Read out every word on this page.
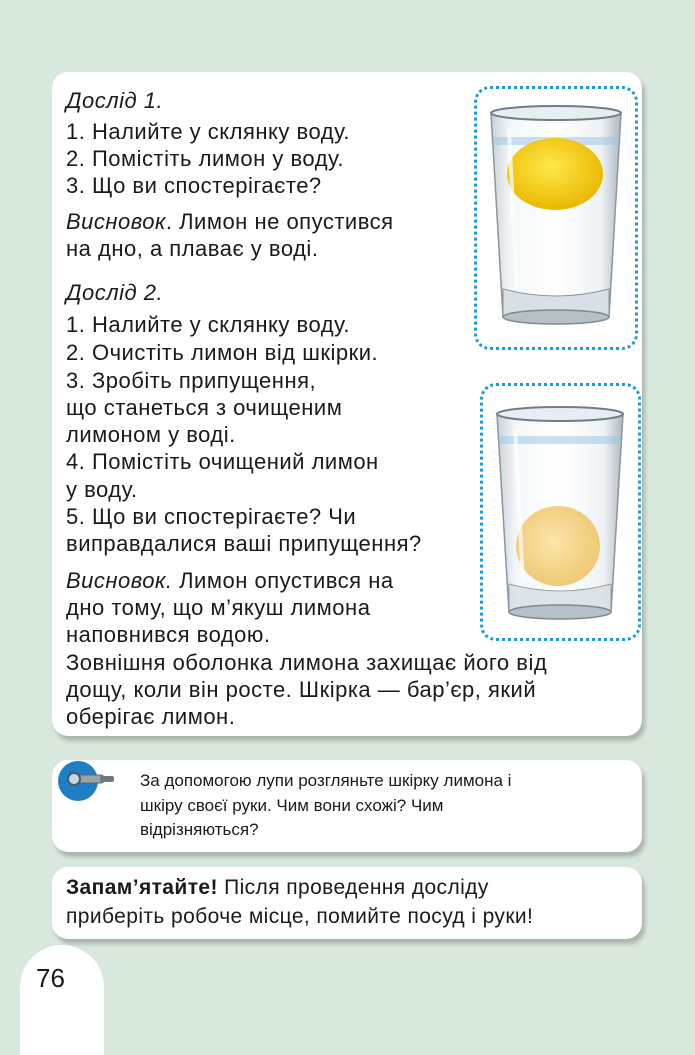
Дослід 1.
1. Налийте у склянку воду.
2. Помістіть лимон у воду.
3. Що ви спостерігаєте?
Висновок. Лимон не опустився
на дно, а плаває у воді.
Дослід 2.
1. Налийте у склянку воду.
2. Очистіть лимон від шкірки.
3. Зробіть припущення,
що станеться з очищеним
лимоном у воді.
4. Помістіть очищений лимон
у воду.
5. Що ви спостерігаєте? Чи
виправдалися ваші припущення?
Висновок. Лимон опустився на
дно тому, що м’якуш лимона
наповнився водою.
Зовнішня оболонка лимона захищає його від
дощу, коли він росте. Шкірка — бар’єр, який
оберігає лимон.
За допомогою лупи розгляньте шкірку лимона і
шкіру своєї руки. Чим вони схожі? Чим
відрізняються?
Запам’ятайте! Після проведення досліду
приберіть робоче місце, помийте посуд і руки!
76
